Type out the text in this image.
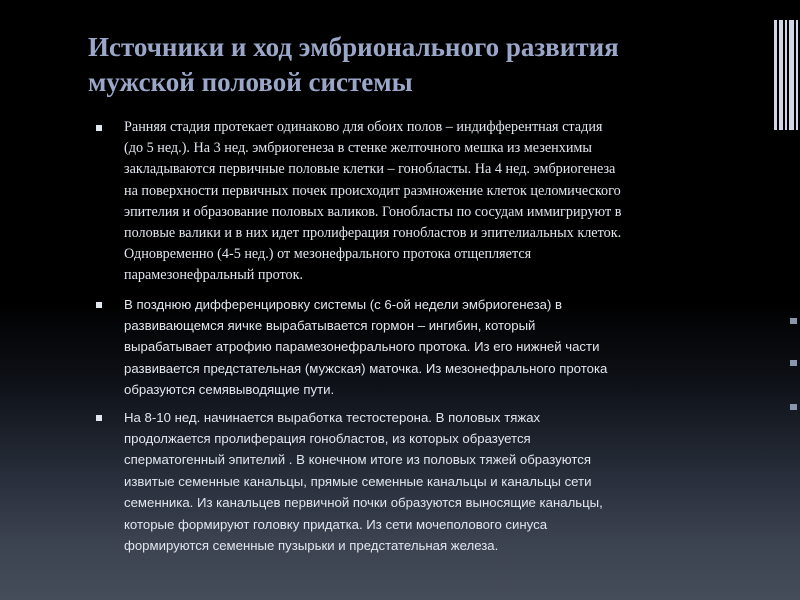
Источники и ход эмбрионального развития
мужской половой системы
Ранняя стадия протекает одинаково для обоих полов – индифферентная стадия
(до 5 нед.). На 3 нед. эмбриогенеза в стенке желточного мешка из мезенхимы
закладываются первичные половые клетки – гонобласты. На 4 нед. эмбриогенеза
на поверхности первичных почек происходит размножение клеток целомического
эпителия и образование половых валиков. Гонобласты по сосудам иммигрируют в
половые валики и в них идет пролиферация гонобластов и эпителиальных клеток.
Одновременно (4-5 нед.) от мезонефрального протока отщепляется
парамезонефральный проток.
В позднюю дифференцировку системы (с 6-ой недели эмбриогенеза) в
развивающемся яичке вырабатывается гормон – ингибин, который
вырабатывает атрофию парамезонефрального протока. Из его нижней части
развивается предстательная (мужская) маточка. Из мезонефрального протока
образуются семявыводящие пути.
На 8-10 нед. начинается выработка тестостерона. В половых тяжах
продолжается пролиферация гонобластов, из которых образуется
сперматогенный эпителий . В конечном итоге из половых тяжей образуются
извитые семенные канальцы, прямые семенные канальцы и канальцы сети
семенника. Из канальцев первичной почки образуются выносящие канальцы,
которые формируют головку придатка. Из сети мочеполового синуса
формируются семенные пузырьки и предстательная железа.
